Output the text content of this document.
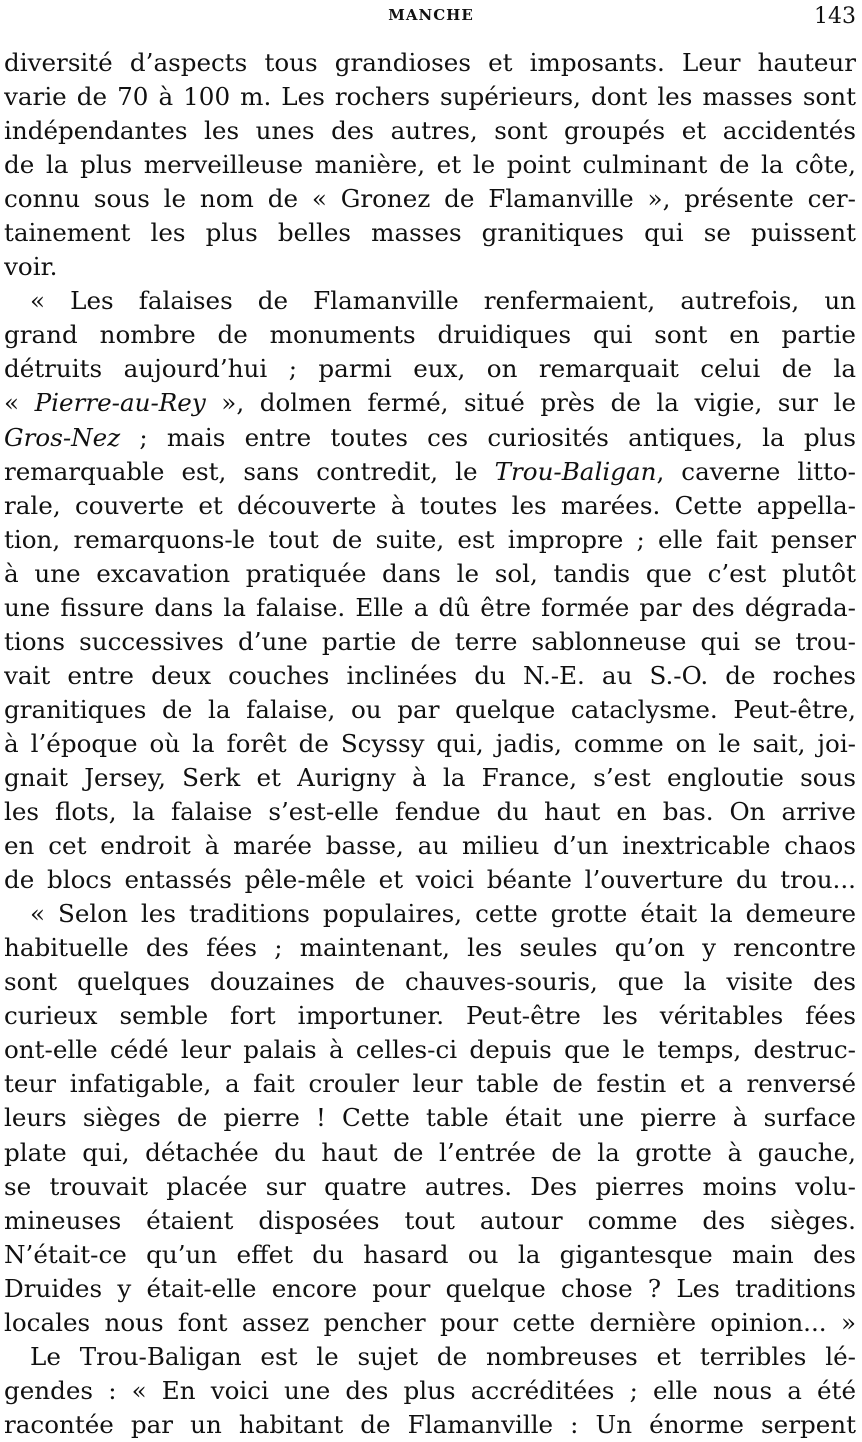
MANCHE	143
diversité d’aspects tous grandioses et imposants. Leur hauteur
varie de 70 à 100 m. Les rochers supérieurs, dont les masses sont
indépendantes les unes des autres, sont groupés et accidentés
de la plus merveilleuse manière, et le point culminant de la côte,
connu sous le nom de « Gronez de Flamanville », présente cer-
tainement les plus belles masses granitiques qui se puissent
voir.
« Les falaises de Flamanville renfermaient, autrefois, un
grand nombre de monuments druidiques qui sont en partie
détruits aujourd’hui ; parmi eux, on remarquait celui de la
« Pierre-au-Rey », dolmen fermé, situé près de la vigie, sur le
Gros-Nez ; mais entre toutes ces curiosités antiques, la plus
remarquable est, sans contredit, le Trou-Baligan, caverne litto-
rale, couverte et découverte à toutes les marées. Cette appella-
tion, remarquons-le tout de suite, est impropre ; elle fait penser
à une excavation pratiquée dans le sol, tandis que c’est plutôt
une fissure dans la falaise. Elle a dû être formée par des dégrada-
tions successives d’une partie de terre sablonneuse qui se trou-
vait entre deux couches inclinées du N.-E. au S.-O. de roches
granitiques de la falaise, ou par quelque cataclysme. Peut-être,
à l’époque où la forêt de Scyssy qui, jadis, comme on le sait, joi-
gnait Jersey, Serk et Aurigny à la France, s’est engloutie sous
les flots, la falaise s’est-elle fendue du haut en bas. On arrive
en cet endroit à marée basse, au milieu d’un inextricable chaos
de blocs entassés pêle-mêle et voici béante l’ouverture du trou...
« Selon les traditions populaires, cette grotte était la demeure
habituelle des fées ; maintenant, les seules qu’on y rencontre
sont quelques douzaines de chauves-souris, que la visite des
curieux semble fort importuner. Peut-être les véritables fées
ont-elle cédé leur palais à celles-ci depuis que le temps, destruc-
teur infatigable, a fait crouler leur table de festin et a renversé
leurs sièges de pierre ! Cette table était une pierre à surface
plate qui, détachée du haut de l’entrée de la grotte à gauche,
se trouvait placée sur quatre autres. Des pierres moins volu-
mineuses étaient disposées tout autour comme des sièges.
N’était-ce qu’un effet du hasard ou la gigantesque main des
Druides y était-elle encore pour quelque chose ? Les traditions
locales nous font assez pencher pour cette dernière opinion... »
Le Trou-Baligan est le sujet de nombreuses et terribles lé-
gendes : « En voici une des plus accréditées ; elle nous a été
racontée par un habitant de Flamanville : Un énorme serpent
